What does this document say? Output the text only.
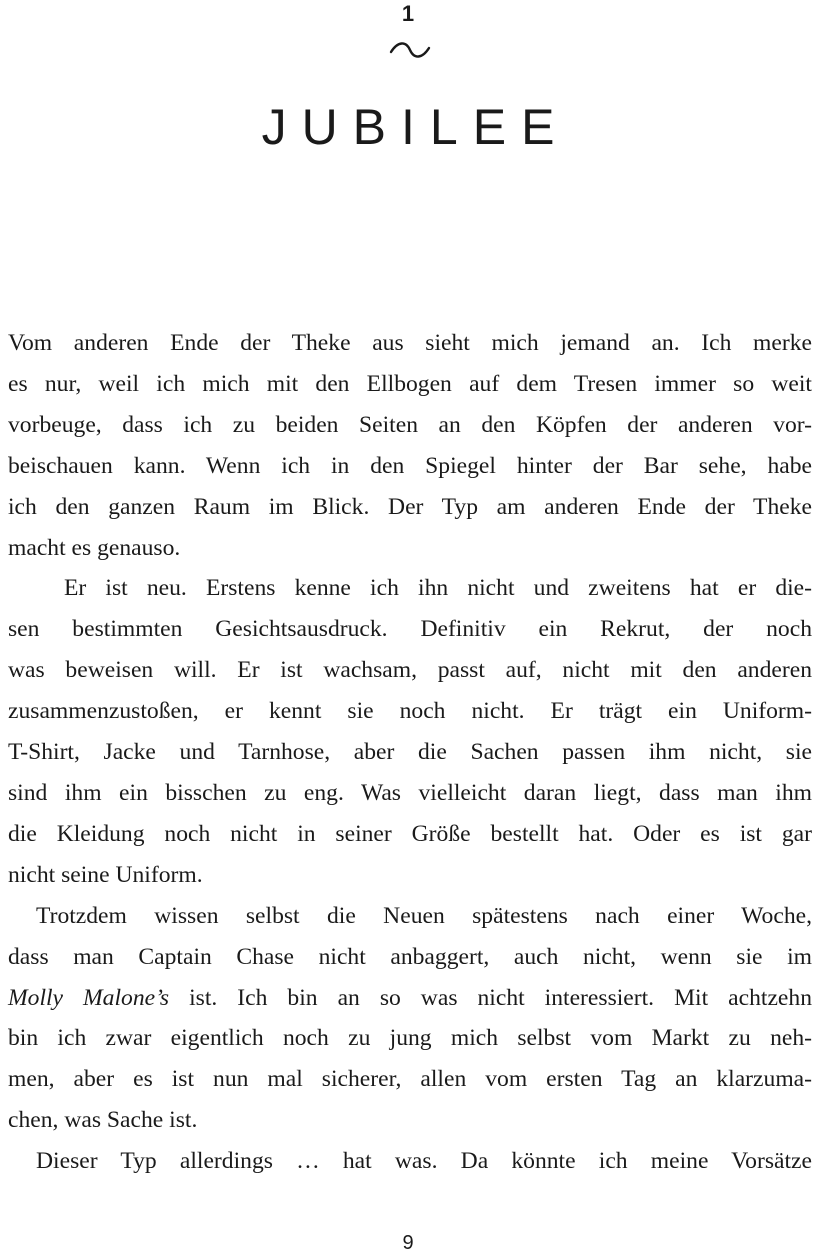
1
JUBILEE

Vom anderen Ende der Theke aus sieht mich jemand an. Ich merke
es nur, weil ich mich mit den Ellbogen auf dem Tresen immer so weit
vorbeuge, dass ich zu beiden Seiten an den Köpfen der anderen vor-
beischauen kann. Wenn ich in den Spiegel hinter der Bar sehe, habe
ich den ganzen Raum im Blick. Der Typ am anderen Ende der Theke
macht es genauso.

Er ist neu. Erstens kenne ich ihn nicht und zweitens hat er die-
sen bestimmten Gesichtsausdruck. Definitiv ein Rekrut, der noch
was beweisen will. Er ist wachsam, passt auf, nicht mit den anderen
zusammenzustoßen, er kennt sie noch nicht. Er trägt ein Uniform-
T-Shirt, Jacke und Tarnhose, aber die Sachen passen ihm nicht, sie
sind ihm ein bisschen zu eng. Was vielleicht daran liegt, dass man ihm
die Kleidung noch nicht in seiner Größe bestellt hat. Oder es ist gar
nicht seine Uniform.

Trotzdem wissen selbst die Neuen spätestens nach einer Woche,
dass man Captain Chase nicht anbaggert, auch nicht, wenn sie im
Molly Malone’s ist. Ich bin an so was nicht interessiert. Mit achtzehn
bin ich zwar eigentlich noch zu jung mich selbst vom Markt zu neh-
men, aber es ist nun mal sicherer, allen vom ersten Tag an klarzuma-
chen, was Sache ist.

Dieser Typ allerdings … hat was. Da könnte ich meine Vorsätze

9
